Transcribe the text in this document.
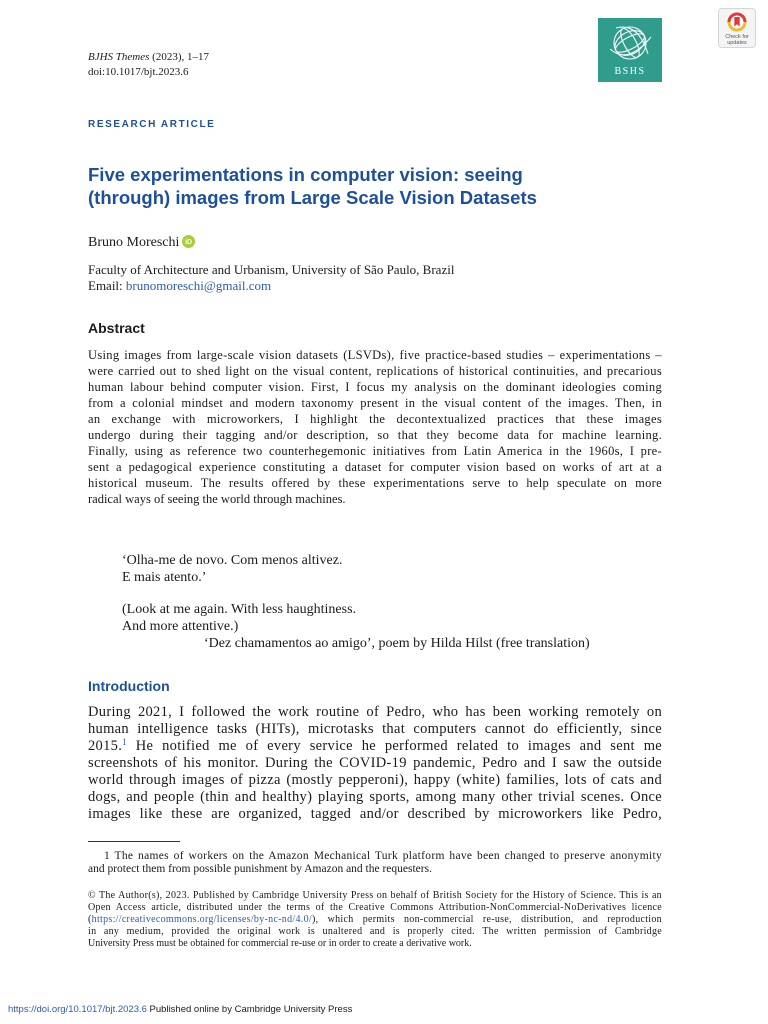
BJHS Themes (2023), 1–17
doi:10.1017/bjt.2023.6	BSHS
Check for
updates
RESEARCH ARTICLE
Five experimentations in computer vision: seeing
(through) images from Large Scale Vision Datasets
Bruno Moreschi iD
Faculty of Architecture and Urbanism, University of São Paulo, Brazil
Email: brunomoreschi@gmail.com
Abstract
Using images from large-scale vision datasets (LSVDs), five practice-based studies – experimentations –
were carried out to shed light on the visual content, replications of historical continuities, and precarious
human labour behind computer vision. First, I focus my analysis on the dominant ideologies coming
from a colonial mindset and modern taxonomy present in the visual content of the images. Then, in
an exchange with microworkers, I highlight the decontextualized practices that these images
undergo during their tagging and/or description, so that they become data for machine learning.
Finally, using as reference two counterhegemonic initiatives from Latin America in the 1960s, I pre-
sent a pedagogical experience constituting a dataset for computer vision based on works of art at a
historical museum. The results offered by these experimentations serve to help speculate on more
radical ways of seeing the world through machines.
‘Olha-me de novo. Com menos altivez.
E mais atento.’
(Look at me again. With less haughtiness.
And more attentive.)
‘Dez chamamentos ao amigo’, poem by Hilda Hilst (free translation)
Introduction
During 2021, I followed the work routine of Pedro, who has been working remotely on
human intelligence tasks (HITs), microtasks that computers cannot do efficiently, since
2015.$^1$ He notified me of every service he performed related to images and sent me
screenshots of his monitor. During the COVID-19 pandemic, Pedro and I saw the outside
world through images of pizza (mostly pepperoni), happy (white) families, lots of cats and
dogs, and people (thin and healthy) playing sports, among many other trivial scenes. Once
images like these are organized, tagged and/or described by microworkers like Pedro,
1 The names of workers on the Amazon Mechanical Turk platform have been changed to preserve anonymity
and protect them from possible punishment by Amazon and the requesters.
© The Author(s), 2023. Published by Cambridge University Press on behalf of British Society for the History of Science. This is an
Open Access article, distributed under the terms of the Creative Commons Attribution-NonCommercial-NoDerivatives licence
(https://creativecommons.org/licenses/by-nc-nd/4.0/), which permits non-commercial re-use, distribution, and reproduction
in any medium, provided the original work is unaltered and is properly cited. The written permission of Cambridge
University Press must be obtained for commercial re-use or in order to create a derivative work.
https://doi.org/10.1017/bjt.2023.6 Published online by Cambridge University Press
